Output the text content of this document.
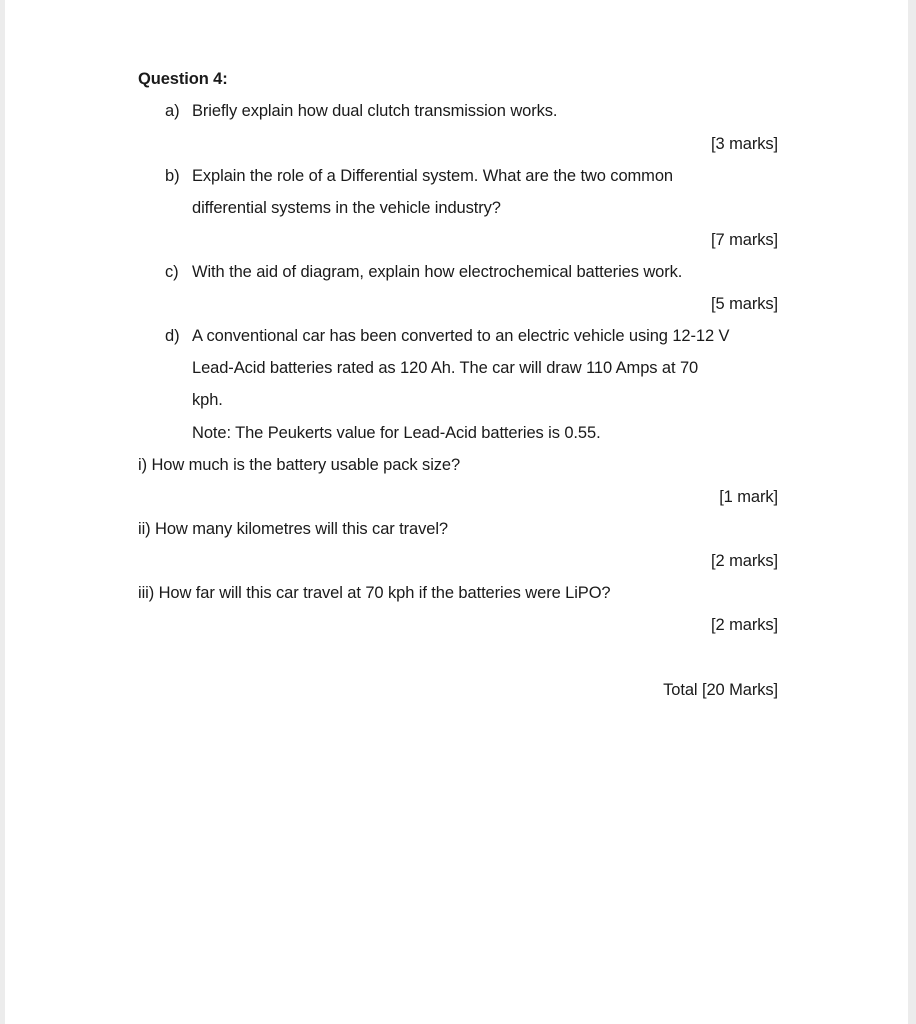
Question 4:
a) Briefly explain how dual clutch transmission works.
[3 marks]
b) Explain the role of a Differential system. What are the two common
differential systems in the vehicle industry?
[7 marks]
c) With the aid of diagram, explain how electrochemical batteries work.
[5 marks]
d) A conventional car has been converted to an electric vehicle using 12-12 V
Lead-Acid batteries rated as 120 Ah. The car will draw 110 Amps at 70
kph.
Note: The Peukerts value for Lead-Acid batteries is 0.55.
i) How much is the battery usable pack size?
[1 mark]
ii) How many kilometres will this car travel?
[2 marks]
iii) How far will this car travel at 70 kph if the batteries were LiPO?
[2 marks]
Total [20 Marks]
